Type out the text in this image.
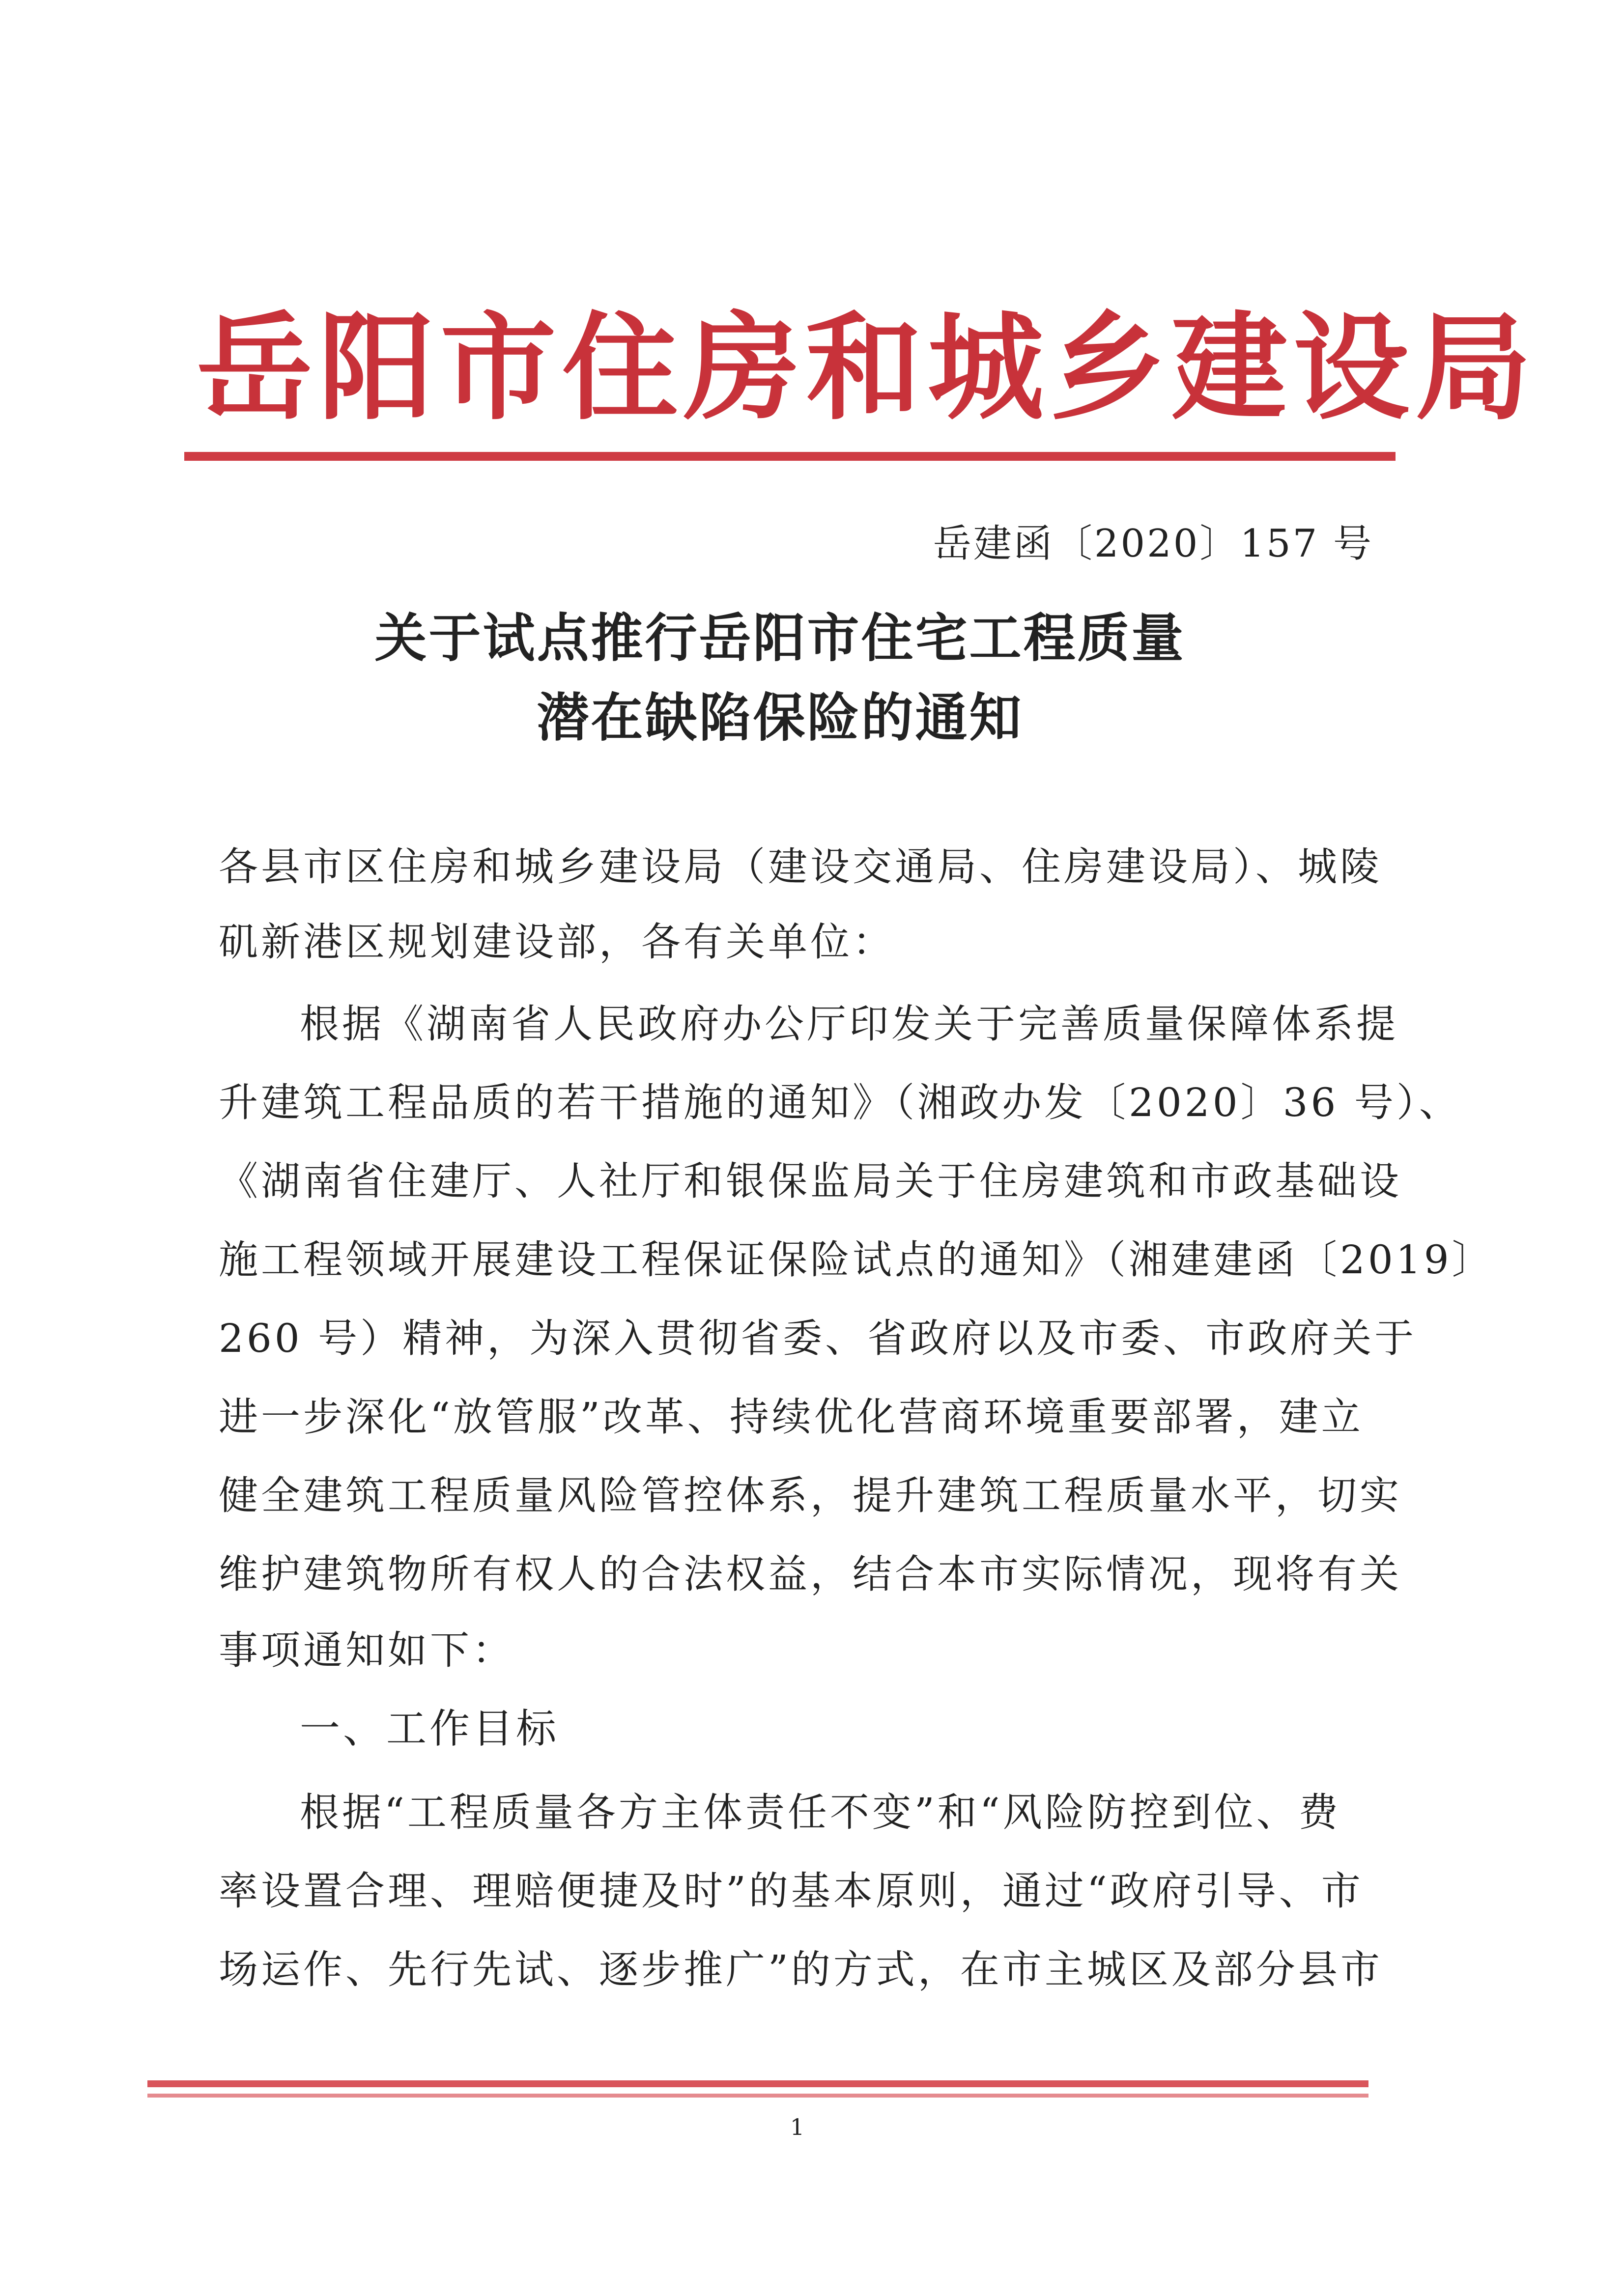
岳阳市住房和城乡建设局
岳建函〔2020〕157 号
关于试点推行岳阳市住宅工程质量
潜在缺陷保险的通知
各县市区住房和城乡建设局（建设交通局、住房建设局）、城陵
矶新港区规划建设部，各有关单位：
根据《湖南省人民政府办公厅印发关于完善质量保障体系提
升建筑工程品质的若干措施的通知》（湘政办发〔2020〕36 号）、
《湖南省住建厅、人社厅和银保监局关于住房建筑和市政基础设
施工程领域开展建设工程保证保险试点的通知》（湘建建函〔2019〕
260 号）精神，为深入贯彻省委、省政府以及市委、市政府关于
进一步深化“放管服”改革、持续优化营商环境重要部署，建立
健全建筑工程质量风险管控体系，提升建筑工程质量水平，切实
维护建筑物所有权人的合法权益，结合本市实际情况，现将有关
事项通知如下：
一、工作目标
根据“工程质量各方主体责任不变”和“风险防控到位、费
率设置合理、理赔便捷及时”的基本原则，通过“政府引导、市
场运作、先行先试、逐步推广”的方式，在市主城区及部分县市
1
